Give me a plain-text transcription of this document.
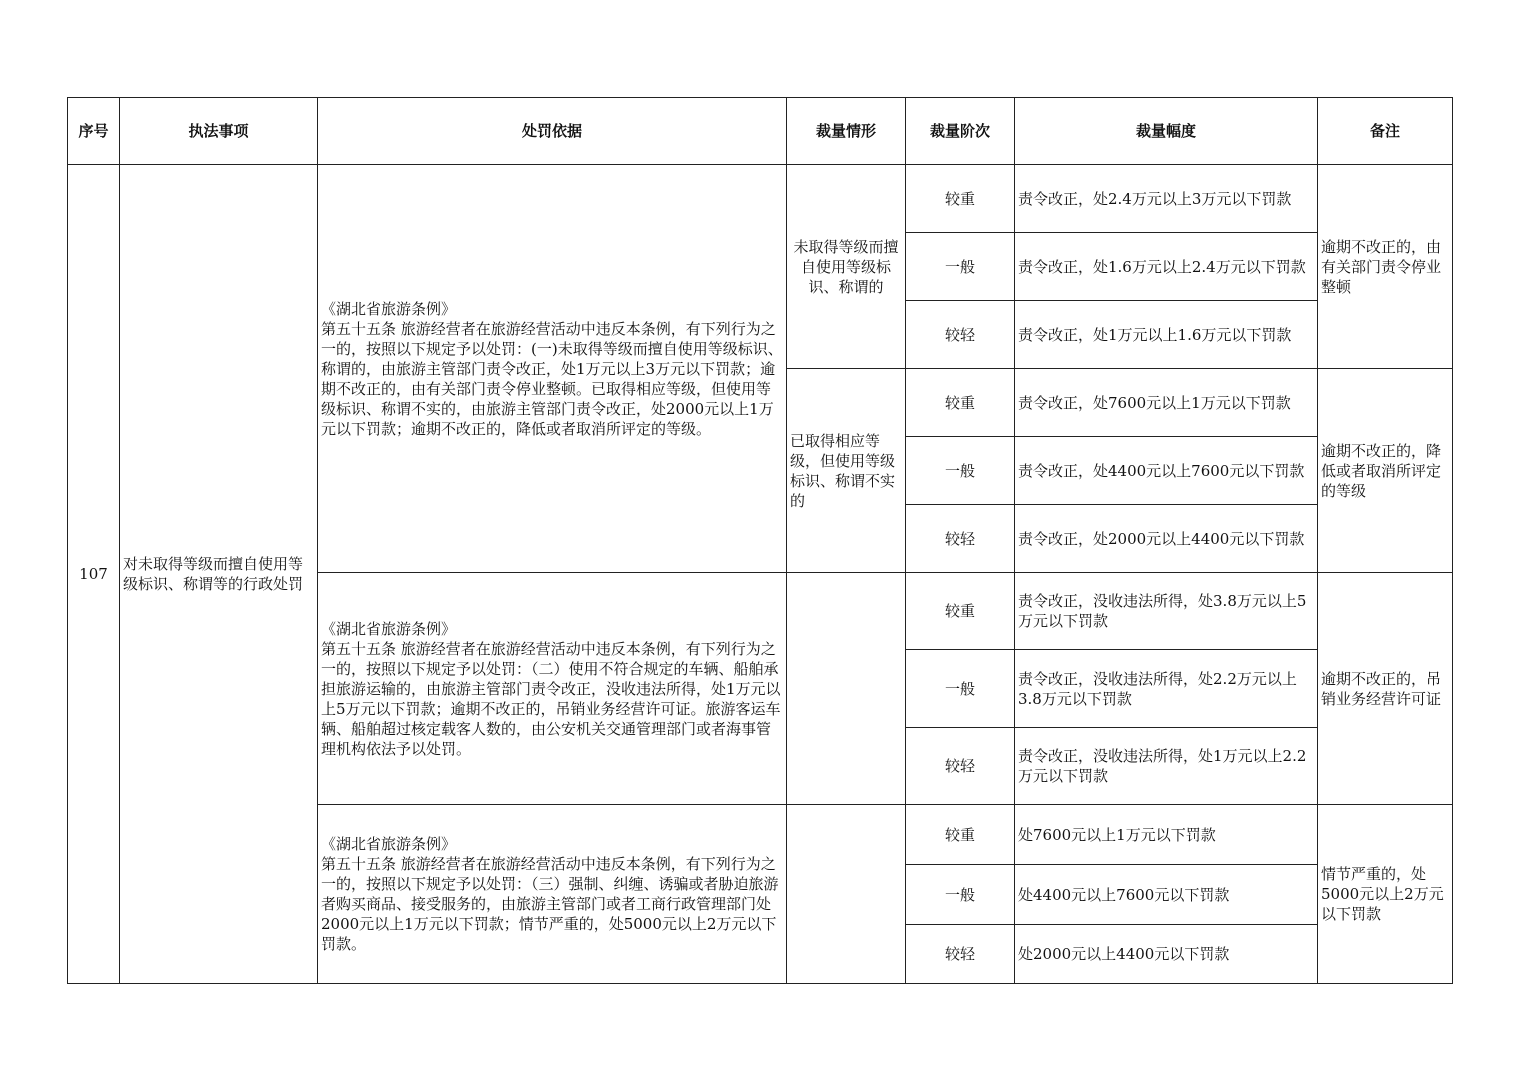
序号	执法事项	处罚依据	裁量情形	裁量阶次	裁量幅度	备注
107	对未取得等级而擅自使用等级标识、称谓等的行政处罚	《湖北省旅游条例》
第五十五条 旅游经营者在旅游经营活动中违反本条例，有下列行为之一的，按照以下规定予以处罚：(一)未取得等级而擅自使用等级标识、称谓的，由旅游主管部门责令改正，处1万元以上3万元以下罚款；逾期不改正的，由有关部门责令停业整顿。已取得相应等级，但使用等级标识、称谓不实的，由旅游主管部门责令改正，处2000元以上1万元以下罚款；逾期不改正的，降低或者取消所评定的等级。	未取得等级而擅自使用等级标识、称谓的	较重	责令改正，处2.4万元以上3万元以下罚款	逾期不改正的，由有关部门责令停业整顿
				一般	责令改正，处1.6万元以上2.4万元以下罚款	
				较轻	责令改正，处1万元以上1.6万元以下罚款	
			已取得相应等级，但使用等级标识、称谓不实的	较重	责令改正，处7600元以上1万元以下罚款	逾期不改正的，降低或者取消所评定的等级
				一般	责令改正，处4400元以上7600元以下罚款	
				较轻	责令改正，处2000元以上4400元以下罚款	
		《湖北省旅游条例》
第五十五条 旅游经营者在旅游经营活动中违反本条例，有下列行为之一的，按照以下规定予以处罚：（二）使用不符合规定的车辆、船舶承担旅游运输的，由旅游主管部门责令改正，没收违法所得，处1万元以上5万元以下罚款；逾期不改正的，吊销业务经营许可证。旅游客运车辆、船舶超过核定载客人数的，由公安机关交通管理部门或者海事管理机构依法予以处罚。		较重	责令改正，没收违法所得，处3.8万元以上5万元以下罚款	逾期不改正的，吊销业务经营许可证
				一般	责令改正，没收违法所得，处2.2万元以上3.8万元以下罚款	
				较轻	责令改正，没收违法所得，处1万元以上2.2万元以下罚款	
		《湖北省旅游条例》
第五十五条 旅游经营者在旅游经营活动中违反本条例，有下列行为之一的，按照以下规定予以处罚：（三）强制、纠缠、诱骗或者胁迫旅游者购买商品、接受服务的，由旅游主管部门或者工商行政管理部门处2000元以上1万元以下罚款；情节严重的，处5000元以上2万元以下罚款。		较重	处7600元以上1万元以下罚款	情节严重的，处5000元以上2万元以下罚款
				一般	处4400元以上7600元以下罚款	
				较轻	处2000元以上4400元以下罚款	
